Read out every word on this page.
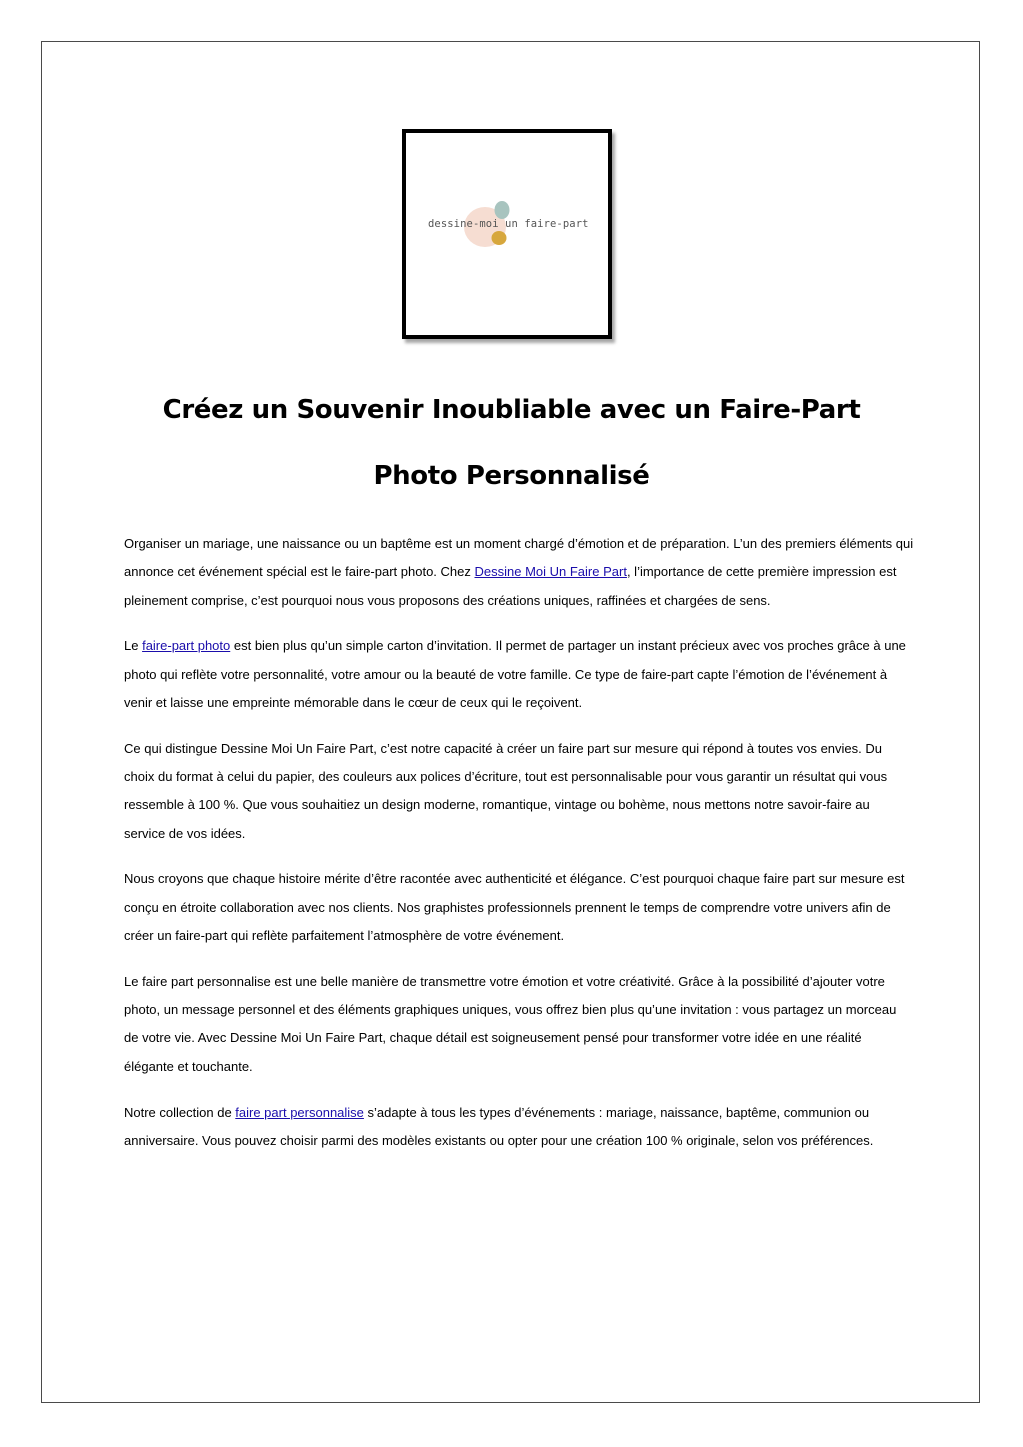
dessine-moi un faire-part
Créez un Souvenir Inoubliable avec un Faire-Part
Photo Personnalisé

Organiser un mariage, une naissance ou un baptême est un moment chargé d’émotion et de préparation. L’un des premiers éléments qui annonce cet événement spécial est le faire-part photo. Chez Dessine Moi Un Faire Part, l’importance de cette première impression est pleinement comprise, c’est pourquoi nous vous proposons des créations uniques, raffinées et chargées de sens.

Le faire-part photo est bien plus qu’un simple carton d’invitation. Il permet de partager un instant précieux avec vos proches grâce à une photo qui reflète votre personnalité, votre amour ou la beauté de votre famille. Ce type de faire-part capte l’émotion de l’événement à venir et laisse une empreinte mémorable dans le cœur de ceux qui le reçoivent.

Ce qui distingue Dessine Moi Un Faire Part, c’est notre capacité à créer un faire part sur mesure qui répond à toutes vos envies. Du choix du format à celui du papier, des couleurs aux polices d’écriture, tout est personnalisable pour vous garantir un résultat qui vous ressemble à 100 %. Que vous souhaitiez un design moderne, romantique, vintage ou bohème, nous mettons notre savoir-faire au service de vos idées.

Nous croyons que chaque histoire mérite d’être racontée avec authenticité et élégance. C’est pourquoi chaque faire part sur mesure est conçu en étroite collaboration avec nos clients. Nos graphistes professionnels prennent le temps de comprendre votre univers afin de créer un faire-part qui reflète parfaitement l’atmosphère de votre événement.

Le faire part personnalise est une belle manière de transmettre votre émotion et votre créativité. Grâce à la possibilité d’ajouter votre photo, un message personnel et des éléments graphiques uniques, vous offrez bien plus qu’une invitation : vous partagez un morceau de votre vie. Avec Dessine Moi Un Faire Part, chaque détail est soigneusement pensé pour transformer votre idée en une réalité élégante et touchante.

Notre collection de faire part personnalise s’adapte à tous les types d’événements : mariage, naissance, baptême, communion ou anniversaire. Vous pouvez choisir parmi des modèles existants ou opter pour une création 100 % originale, selon vos préférences.
